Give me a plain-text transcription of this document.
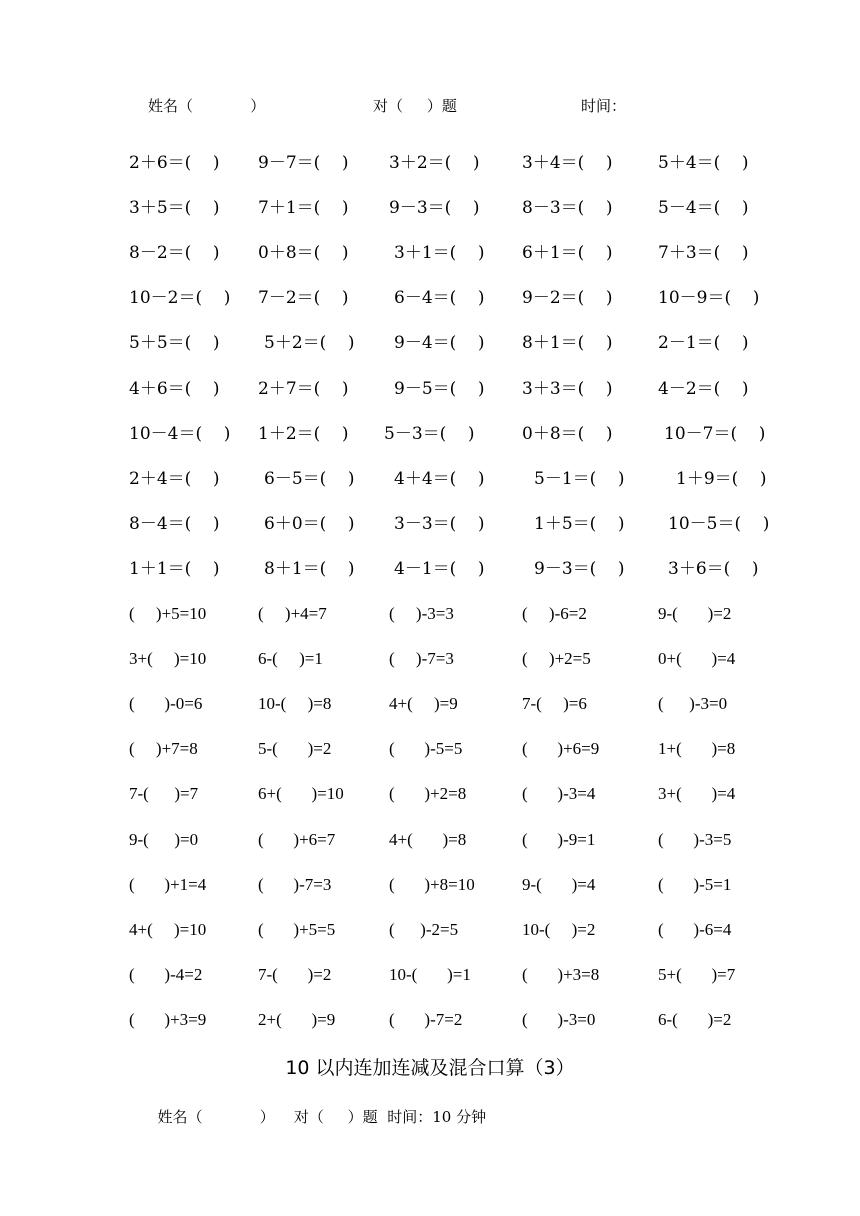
姓名（            ）	对（     ）题	时间：
2＋6＝(    ) 9－7＝(    ) 3＋2＝(    ) 3＋4＝(    )	5＋4＝(    )
3＋5＝(    ) 7＋1＝(    ) 9－3＝(    ) 8－3＝(    )	5－4＝(    )
8－2＝(    ) 0＋8＝(    )	3＋1＝(    ) 6＋1＝(    )	7＋3＝(    )
10－2＝(    ) 7－2＝(    )	6－4＝(    ) 9－2＝(    )	10－9＝(    )
5＋5＝(    )	5＋2＝(    ) 9－4＝(    ) 8＋1＝(    )	2－1＝(    )
4＋6＝(    ) 2＋7＝(    )	9－5＝(    ) 3＋3＝(    )	4－2＝(    )
10－4＝(    ) 1＋2＝(    ) 5－3＝(    )	0＋8＝(    )	10－7＝(    )
2＋4＝(    )	6－5＝(    ) 4＋4＝(    )	5－1＝(    )	1＋9＝(    )
8－4＝(    )	6＋0＝(    ) 3－3＝(    )	1＋5＝(    )	10－5＝(    )
1＋1＝(    )	8＋1＝(    ) 4－1＝(    )	9－3＝(    )	3＋6＝(    )
(     )+5=10	(     )+4=7	(     )-3=3	(     )-6=2	9-(       )=2
3+(     )=10	6-(     )=1	(     )-7=3	(     )+2=5	0+(       )=4
(       )-0=6	10-(     )=8	4+(     )=9	7-(     )=6	(      )-3=0
(     )+7=8	5-(       )=2	(       )-5=5	(       )+6=9	1+(       )=8
7-(      )=7	6+(       )=10	(       )+2=8	(       )-3=4	3+(       )=4
9-(      )=0	(       )+6=7	4+(       )=8	(       )-9=1	(       )-3=5
(       )+1=4	(       )-7=3	(       )+8=10	9-(       )=4	(       )-5=1
4+(     )=10	(       )+5=5	(      )-2=5	10-(     )=2	(       )-6=4
(       )-4=2	7-(       )=2	10-(       )=1	(       )+3=8	5+(       )=7
(       )+3=9	2+(       )=9	(       )-7=2	(       )-3=0	6-(       )=2
10 以内连加连减及混合口算（3）

姓名（            ） 对（     ）题 时间：10 分钟
